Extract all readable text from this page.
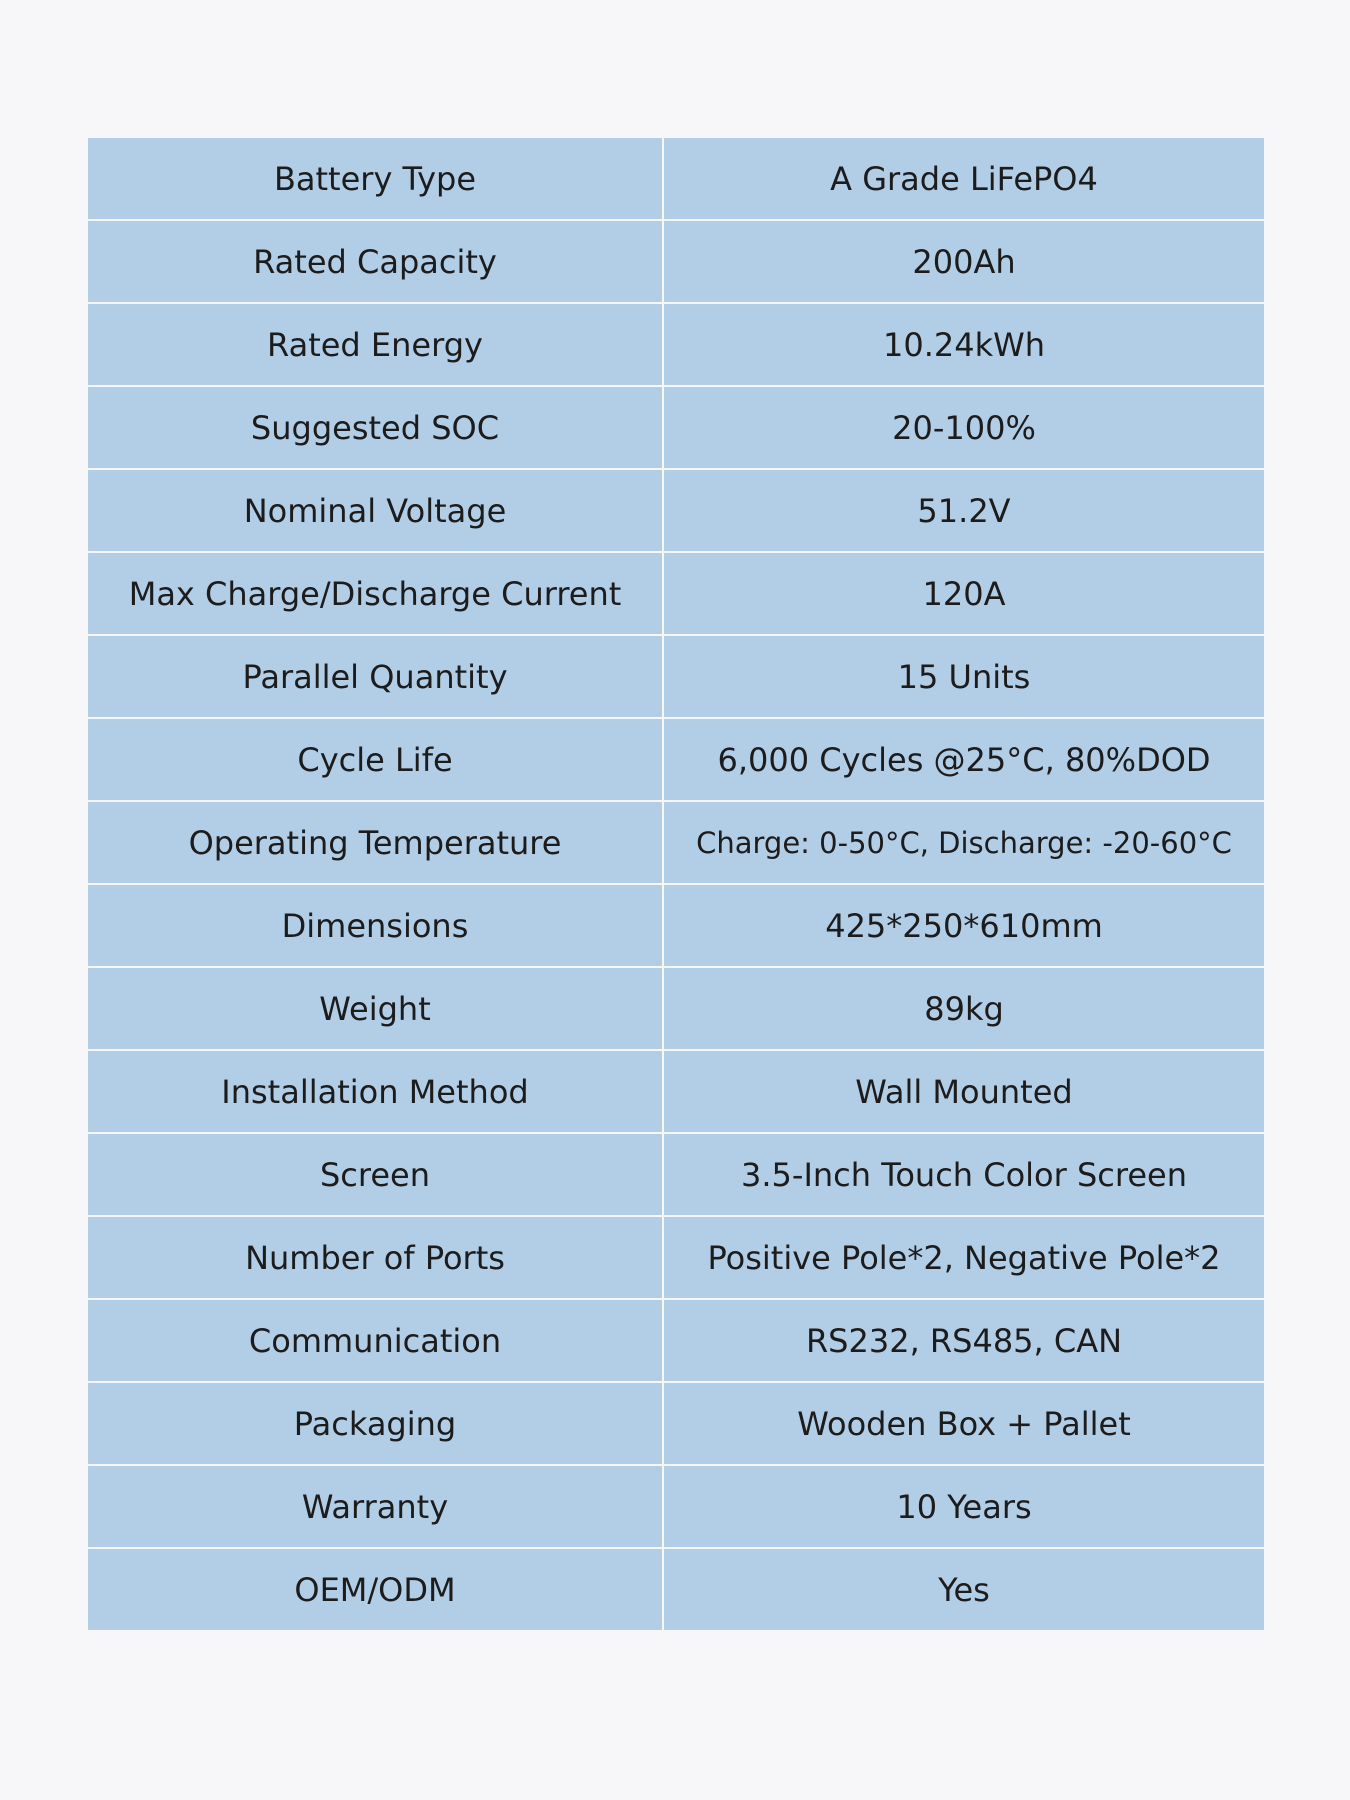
Battery Type	A Grade LiFePO4
Rated Capacity	200Ah
Rated Energy	10.24kWh
Suggested SOC	20-100%
Nominal Voltage	51.2V
Max Charge/Discharge Current	120A
Parallel Quantity	15 Units
Cycle Life	6,000 Cycles @25°C, 80%DOD
Operating Temperature	Charge: 0-50°C, Discharge: -20-60°C
Dimensions	425*250*610mm
Weight	89kg
Installation Method	Wall Mounted
Screen	3.5-Inch Touch Color Screen
Number of Ports	Positive Pole*2, Negative Pole*2
Communication	RS232, RS485, CAN
Packaging	Wooden Box + Pallet
Warranty	10 Years
OEM/ODM	Yes
